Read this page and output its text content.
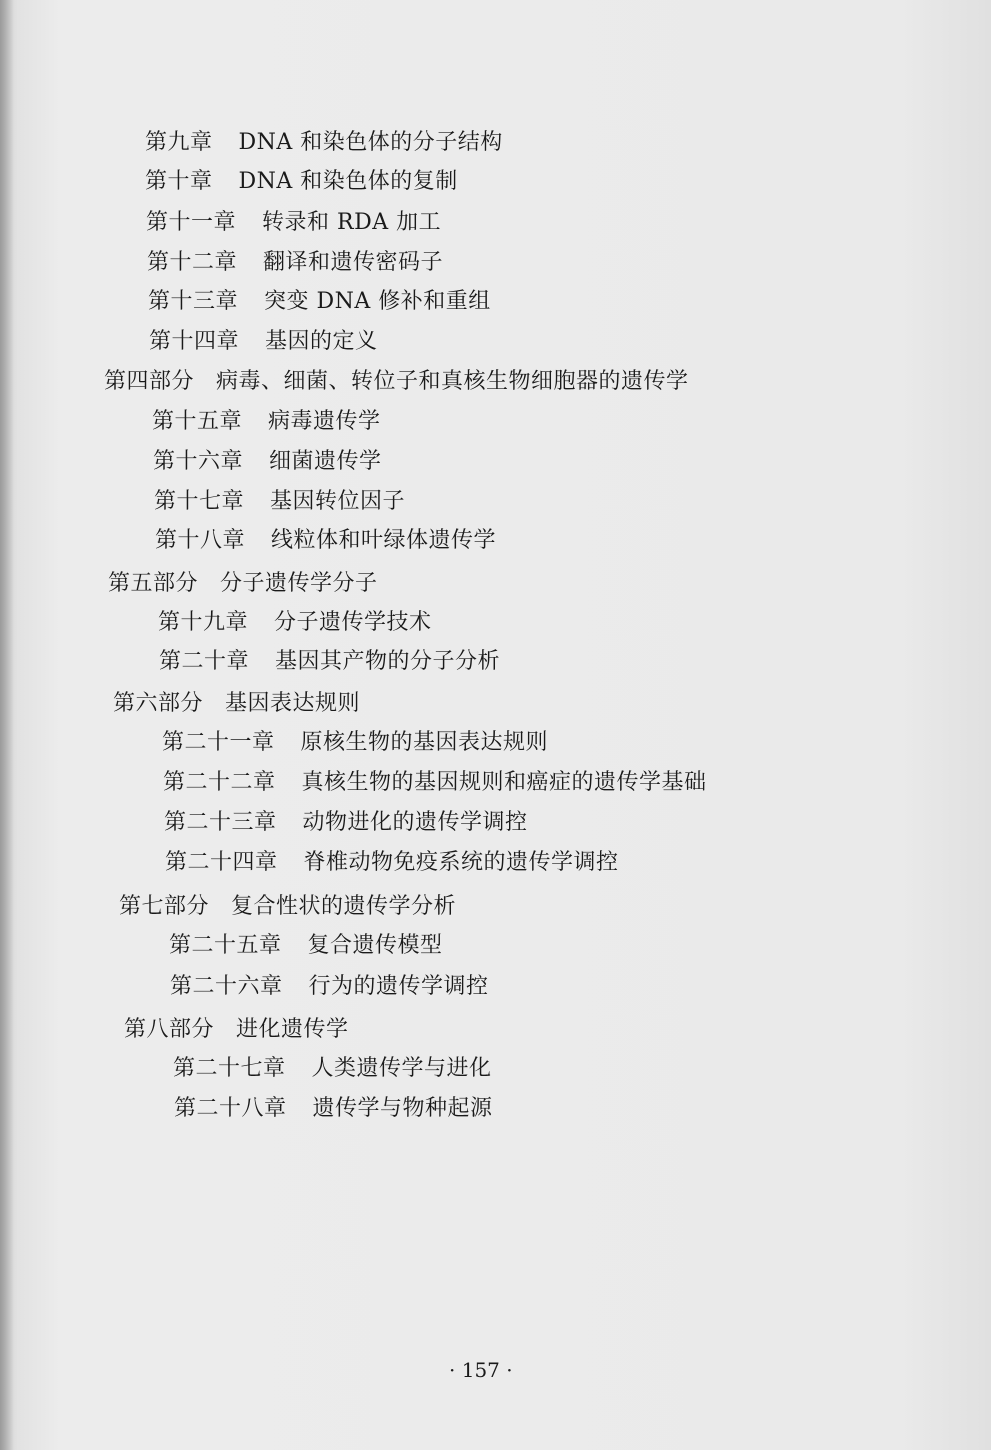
第九章 DNA 和染色体的分子结构
第十章 DNA 和染色体的复制
第十一章 转录和 RDA 加工
第十二章 翻译和遗传密码子
第十三章 突变 DNA 修补和重组
第十四章 基因的定义
第四部分 病毒、细菌、转位子和真核生物细胞器的遗传学
第十五章 病毒遗传学
第十六章 细菌遗传学
第十七章 基因转位因子
第十八章 线粒体和叶绿体遗传学
第五部分 分子遗传学分子
第十九章 分子遗传学技术
第二十章 基因其产物的分子分析
第六部分 基因表达规则
第二十一章 原核生物的基因表达规则
第二十二章 真核生物的基因规则和癌症的遗传学基础
第二十三章 动物进化的遗传学调控
第二十四章 脊椎动物免疫系统的遗传学调控
第七部分 复合性状的遗传学分析
第二十五章 复合遗传模型
第二十六章 行为的遗传学调控
第八部分 进化遗传学
第二十七章 人类遗传学与进化
第二十八章 遗传学与物种起源
· 157 ·
